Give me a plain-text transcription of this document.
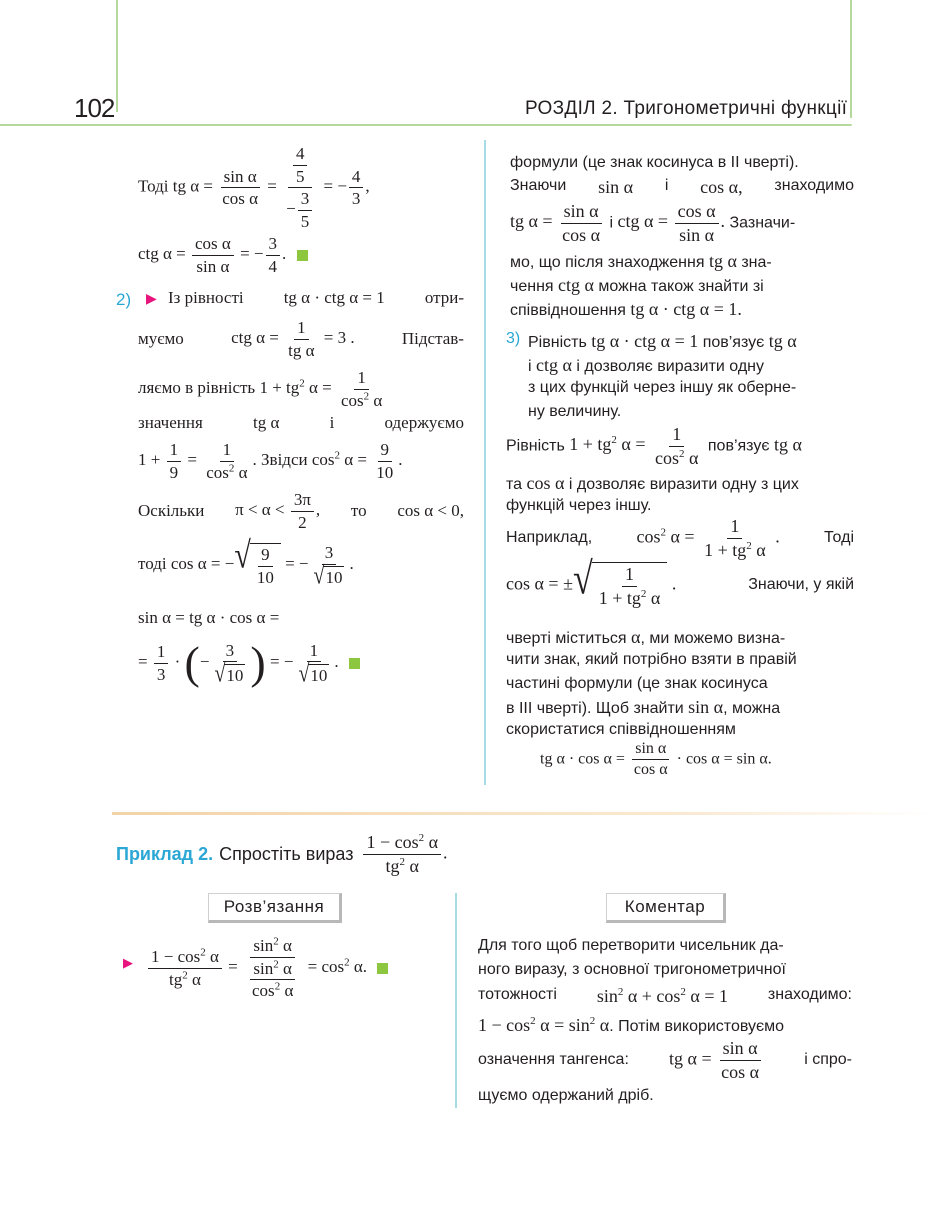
102	РОЗДІЛ 2. Тригонометричні функції
Тоді tg $\alpha = \frac{\text{sin α}}{\text{cos α}} = \frac{\frac{4}{5}}{- \frac{3}{5}}$ = − $\frac{4}{3}$ ,
ctg $\alpha = \frac{\text{cos α}}{\text{sin α}}$ = − $\frac{3}{4}$ .
2) ▶ Із рівності tg α · ctg α = 1 отри-
муємо	ctg $\alpha = \frac{1}{\text{tg α}} = 3$ .	Підстав-
ляємо в рівність $1 + tg^2$ $\alpha = \frac{1}{\cos^2 \alpha}$
значення	tg α	і	одержуємо
$1 + \frac{1}{9} = \frac{1}{\cos^2 \alpha}$ . Звідси $\cos^2 \alpha = \frac{9}{10}$ .
Оскільки $\pi < \alpha < \frac{3\pi}{2}$ , то cos α < 0,
тоді cos α = − √ 9
10
= − $\frac{3}{√ 10}$ .
sin α = tg α · cos α =
= $\frac{1}{3}$ · (− $\frac{3}{√ 10}$ ) = − $\frac{1}{√ 10}$ .
формули (це знак косинуса в ІІ чверті).
Знаючи sin α і cos α, знаходимо
tg $\alpha = \frac{\text{sin α}}{\text{cos α}}$ і ctg $\alpha = \frac{\text{cos α}}{\text{sin α}}$ . Зазначи-
мо, що після знаходження tg α зна-
чення ctg α можна також знайти зі
співвідношення tg α · ctg α = 1.
3) Рівність tg α · ctg α = 1 пов’язує tg α
і ctg α і дозволяє виразити одну
з цих функцій через іншу як оберне-
ну величину.
Рівність $1 + tg^2$ $\alpha = \frac{1}{\cos^2 \alpha}$ пов’язує tg α
та cos α і дозволяє виразити одну з цих
функцій через іншу.
Наприклад, $\cos^2 \alpha = \frac{1}{1 + tg^2 \alpha}$ .	Тоді
cos α = ± √ 1
$1 + tg^2$ α
.	Знаючи, у якій
чверті міститься α, ми можемо визна-
чити знак, який потрібно взяти в правій
частині формули (це знак косинуса
в ІІІ чверті). Щоб знайти sin α, можна
скористатися співвідношенням
tg $\alpha \cdot \cos \alpha = \frac{\text{sin α}}{\text{cos α}} \cdot \cos \alpha = \sin \alpha$.
Приклад 2. Спростіть вираз $\frac{1 - \cos^2 \alpha}{tg^2 \alpha}$ .
Розв’язання	Коментар
▶ $\frac{1 - \cos^2 \alpha}{tg^2 \alpha} = \frac{\sin^2 \alpha}{\frac{\sin^2 \alpha}{\cos^2 \alpha}} = \cos^2 \alpha$.
Для того щоб перетворити чисельник да-
ного виразу, з основної тригонометричної
тотожності $\sin^2 \alpha + \cos^2 \alpha = 1$ знаходимо:
$1 - \cos^2 \alpha = \sin^2 \alpha$. Потім використовуємо
означення тангенса: tg $\alpha = \frac{\text{sin α}}{\text{cos α}}$	і спро-
щуємо одержаний дріб.
